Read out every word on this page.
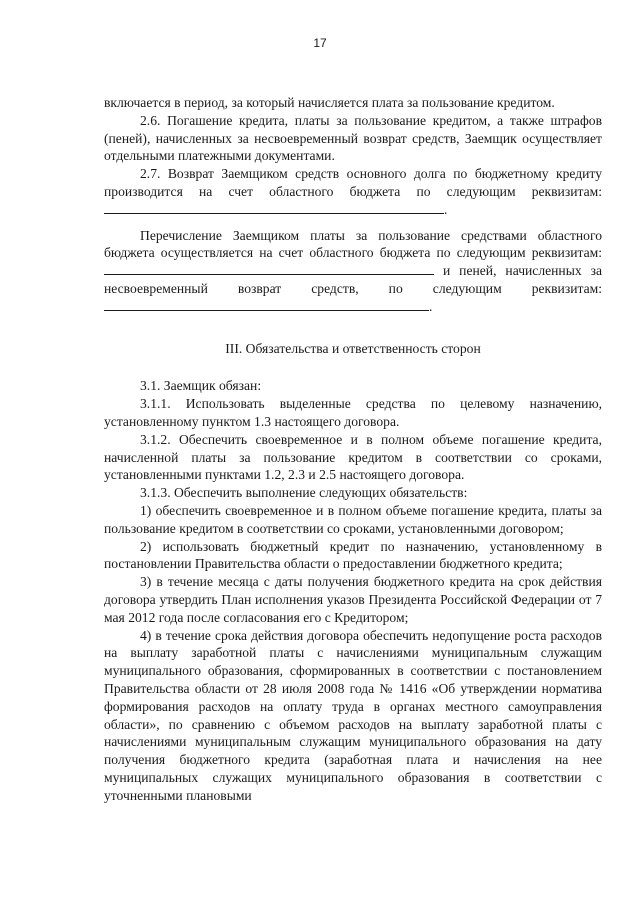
17

включается в период, за который начисляется плата за пользование кредитом.

2.6. Погашение кредита, платы за пользование кредитом, а также штрафов (пеней), начисленных за несвоевременный возврат средств, Заемщик осуществляет отдельными платежными документами.

2.7. Возврат Заемщиком средств основного долга по бюджетному кредиту производится на счет областного бюджета по следующим реквизитам: .

Перечисление Заемщиком платы за пользование средствами областного бюджета осуществляется на счет областного бюджета по следующим реквизитам:  и пеней, начисленных за несвоевременный возврат средств, по следующим реквизитам: .

III. Обязательства и ответственность сторон

3.1. Заемщик обязан:

3.1.1. Использовать выделенные средства по целевому назначению, установленному пунктом 1.3 настоящего договора.

3.1.2. Обеспечить своевременное и в полном объеме погашение кредита, начисленной платы за пользование кредитом в соответствии со сроками, установленными пунктами 1.2, 2.3 и 2.5 настоящего договора.

3.1.3. Обеспечить выполнение следующих обязательств:

1) обеспечить своевременное и в полном объеме погашение кредита, платы за пользование кредитом в соответствии со сроками, установленными договором;

2) использовать бюджетный кредит по назначению, установленному в постановлении Правительства области о предоставлении бюджетного кредита;

3) в течение месяца с даты получения бюджетного кредита на срок действия договора утвердить План исполнения указов Президента Российской Федерации от 7 мая 2012 года после согласования его с Кредитором;

4) в течение срока действия договора обеспечить недопущение роста расходов на выплату заработной платы с начислениями муниципальным служащим муниципального образования, сформированных в соответствии с постановлением Правительства области от 28 июля 2008 года № 1416 «Об утверждении норматива формирования расходов на оплату труда в органах местного самоуправления области», по сравнению с объемом расходов на выплату заработной платы с начислениями муниципальным служащим муниципального образования на дату получения бюджетного кредита (заработная плата и начисления на нее муниципальных служащих муниципального образования в соответствии с уточненными плановыми
